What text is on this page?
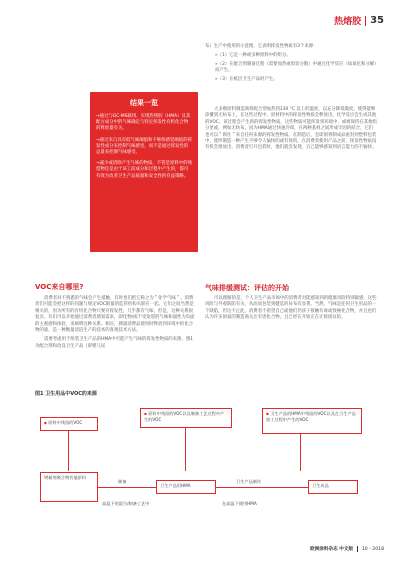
热熔胶 35
结果一览

→通过与GC-MS联用，实现热熔胶（HMA）及其配方成分中的气味确定与特定挥发性有机化合物的释放量有关。

→通过来自具有低气味阈值和不够挥感觉阈值的挥发性成分来控制气味感受，而不是通过挥发性的总量来控制气味感受。

→减少或消除产生气味的物质，不管是原料中的残留物还是由于该工段成分和过程中产生的，都可有效为改善卫生产品质量和安全性的有益策略。

布）生产中使用的示意图，它表明挥发性物质有3个来源：

»（1）它是一种或多种原料中的组分。
»（2）在配合剂制备过程（需要加热或剪切分散）中通过化学反应（如氧化和分解）而产生。
»（3）在纸层卫生产品时产生。

大多数原料制造商将配合剂加热到130 °C 以上的温度，以充分降低黏度，使得能够涂覆到无纺布上。在这些过程中，原材料中的挥发性物质会释放出，化学反应会生成其他的VOC，该过程会产生新的挥发性物质，这些物质可能挥发到环境中，或被保持在其他组分里或，例如无纺布。因为HMA通过快速冷却，在两种基材之间形成牢固的结合，它们也可以＂锁住＂来自任何来源的挥发性物质。在制造后，会即刻将制成品密封到塑料包装中，使所制造一种产生不够令人愉快的或有效的，在消费者使用产品之前，挥发性物质没有机会排放出，消费者打开包装时，他们就会发现，自己能够感知到语言能力的不愉快。

VOC来自哪里?

消费者对不熟悉的气味会产生抵触，有时也们把它称之为＂化学气味＂。消费者们可能会把这样的问题与规定VOC限量的监管机构关联在一起。它们之间当然是相关的，因为所有的有机化合物只要有挥发性，几乎都有气味，但是，这种关系很复杂。有们可以开始通过消费者感知需求，即化物/或不受欢迎的气味和弱性为负面的主观感和体验，来阐明这种关系。相应，测量消费品使用时释放到环境中的化合物的量，是一种衡量清洁生产的技术的客观技术方法。

需要考虑用于组装卫生产品的HMA中可能产生气味的挥发性物质的来源，图1为配合剂和改良卫生产品（即婴儿尿

气味排缓测试：评估的开始

可以理解的是，个人卫生产品市场中的消费者对能感知到的健康风险特别敏感，这些风险与外观缺陷有关，从而而包装到健息的异布有显著。当然，气味是任何卫生用品的一个缺陷，但这不止此，消费者不希望自己或他们仍孩子接触有毒或致癌化合物，并且也们认为许多国家的制造商关注有害化合物，且已经在开始正在让接接证的。

图1 卫生用品中VOC的来源
▪ 原料中残留的VOC
▪ 原料中残留的VOC以及制备工艺过程中产生的VOC
▪ 卫生产品的HMA中残留的VOC以及在卫生产品加工过程中产生的VOC
增黏剂聚合物其他原料
制备
高温下的混合/制备工艺中
卫生产品用HMA
卫生产品制作
在高温下使用HMA
卫生成品
欧洲涂料杂志 中文版 10・2018
